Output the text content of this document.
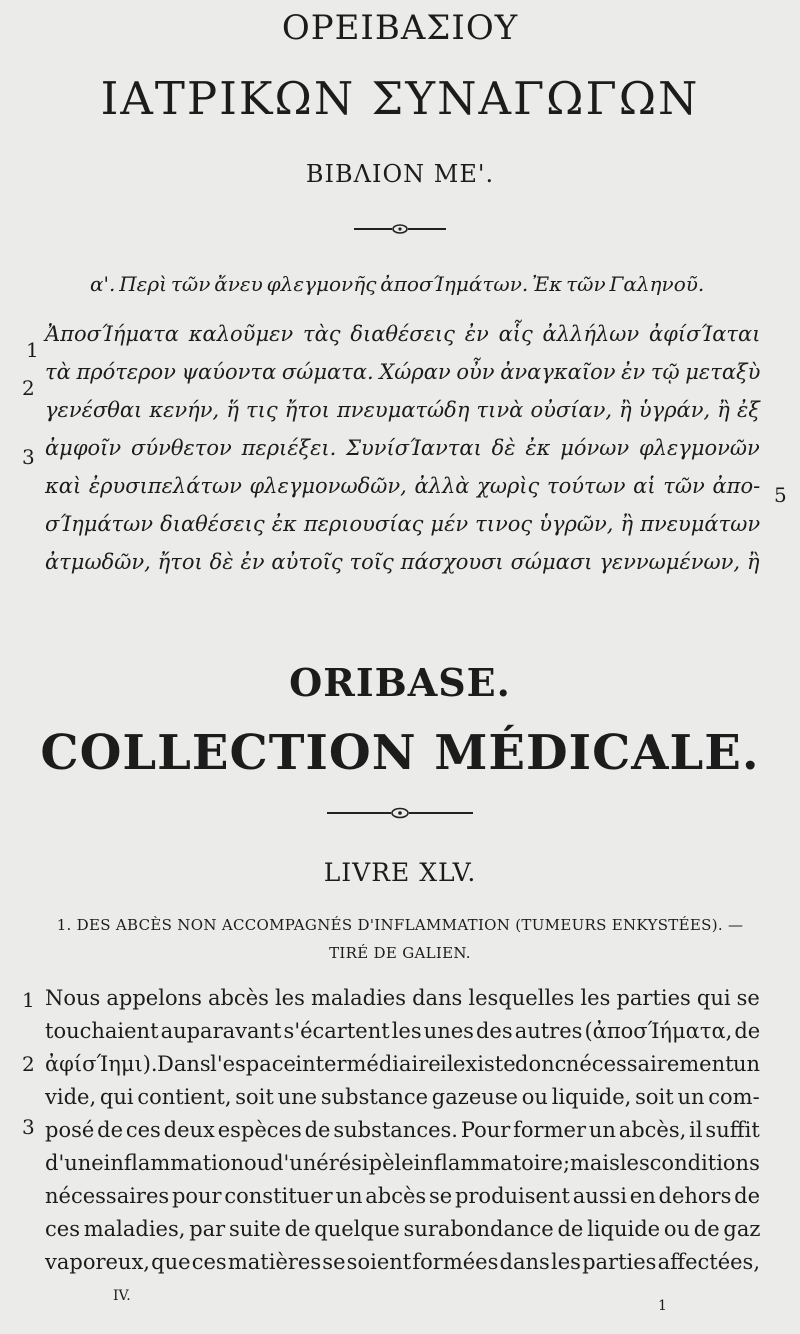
ΟΡΕΙΒΑΣΙΟΥ
ΙΑΤΡΙΚΩΝ ΣΥΝΑΓΩΓΩΝ
ΒΙΒΛΙΟΝ ΜΕ'.
α'. Περὶ τῶν ἄνευ φλεγμονῆς ἀποσΊημάτων. Ἐκ τῶν Γαληνοῦ.
1
2
3
5
ἈποσΊήματα καλοῦμεν τὰς διαθέσεις ἐν αἷς ἀλλήλων ἀφίσΊαται
τὰ πρότερον ψαύοντα σώματα. Χώραν οὖν ἀναγκαῖον ἐν τῷ μεταξὺ
γενέσθαι κενήν, ἥ τις ἤτοι πνευματώδη τινὰ οὐσίαν, ἢ ὑγράν, ἢ ἐξ
ἀμφοῖν σύνθετον περιέξει. ΣυνίσΊανται δὲ ἐκ μόνων φλεγμονῶν
καὶ ἐρυσιπελάτων φλεγμονωδῶν, ἀλλὰ χωρὶς τούτων αἱ τῶν ἀπο-
σΊημάτων διαθέσεις ἐκ περιουσίας μέν τινος ὑγρῶν, ἢ πνευμάτων
ἀτμωδῶν, ἤτοι δὲ ἐν αὐτοῖς τοῖς πάσχουσι σώμασι γεννωμένων, ἢ
ORIBASE.
COLLECTION MÉDICALE.
LIVRE XLV.
1. DES ABCÈS NON ACCOMPAGNÉS D'INFLAMMATION (TUMEURS ENKYSTÉES). —
TIRÉ DE GALIEN.
1
2
3
Nous appelons abcès les maladies dans lesquelles les parties qui se
touchaient auparavant s'écartent les unes des autres (ἀποσΊήματα, de
ἀφίσΊημι). Dans l'espace intermédiaire il existe donc nécessairement un
vide, qui contient, soit une substance gazeuse ou liquide, soit un com-
posé de ces deux espèces de substances. Pour former un abcès, il suffit
d'une inflammation ou d'un érésipèle inflammatoire; mais les conditions
nécessaires pour constituer un abcès se produisent aussi en dehors de
ces maladies, par suite de quelque surabondance de liquide ou de gaz
vaporeux, que ces matières se soient formées dans les parties affectées,
IV.
1
